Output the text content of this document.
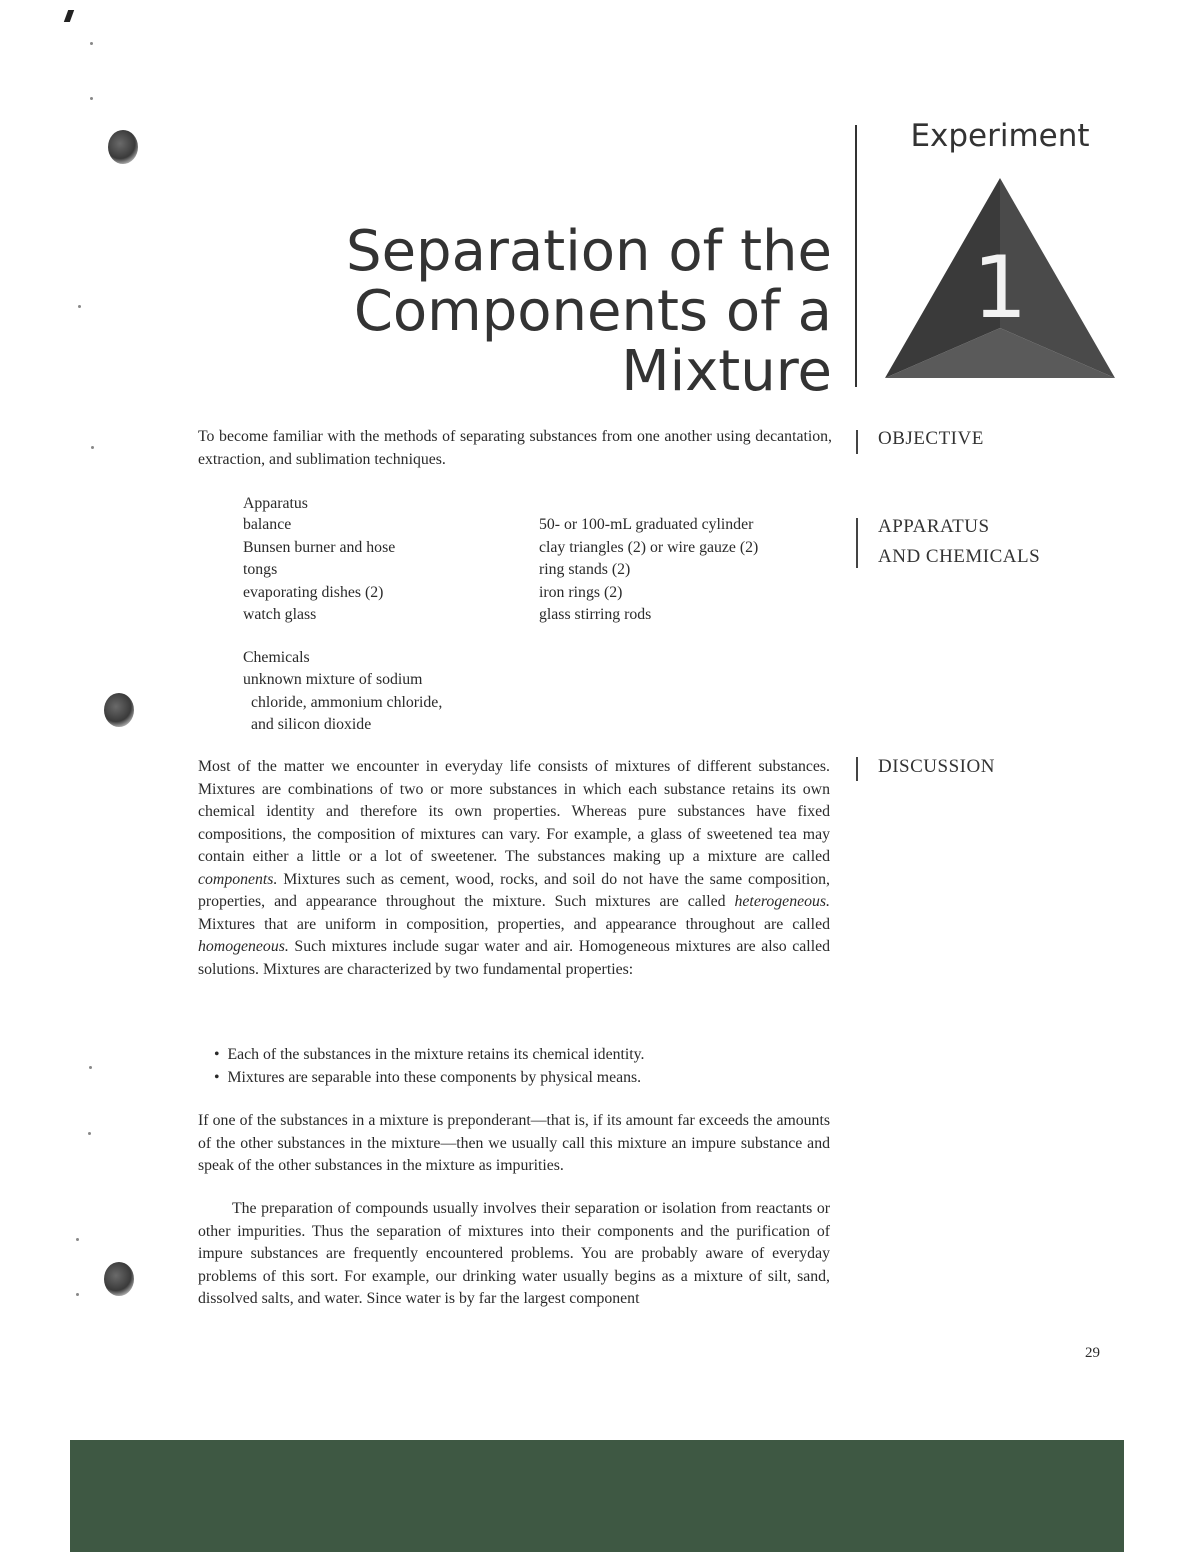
Separation of the
Components of a
Mixture
Experiment
1
OBJECTIVE
APPARATUS
AND CHEMICALS
DISCUSSION
To become familiar with the methods of separating substances from one another using decantation, extraction, and sublimation techniques.
Apparatus
balance
Bunsen burner and hose
tongs
evaporating dishes (2)
watch glass
50- or 100-mL graduated cylinder
clay triangles (2) or wire gauze (2)
ring stands (2)
iron rings (2)
glass stirring rods
Chemicals
unknown mixture of sodium
chloride, ammonium chloride,
and silicon dioxide
Most of the matter we encounter in everyday life consists of mixtures of different substances. Mixtures are combinations of two or more substances in which each substance retains its own chemical identity and therefore its own properties. Whereas pure substances have fixed compositions, the composition of mixtures can vary. For example, a glass of sweetened tea may contain either a little or a lot of sweetener. The substances making up a mixture are called components. Mixtures such as cement, wood, rocks, and soil do not have the same composition, properties, and appearance throughout the mixture. Such mixtures are called heterogeneous. Mixtures that are uniform in composition, properties, and appearance throughout are called homogeneous. Such mixtures include sugar water and air. Homogeneous mixtures are also called solutions. Mixtures are characterized by two fundamental properties:
•  Each of the substances in the mixture retains its chemical identity.
•  Mixtures are separable into these components by physical means.
If one of the substances in a mixture is preponderant—that is, if its amount far exceeds the amounts of the other substances in the mixture—then we usually call this mixture an impure substance and speak of the other substances in the mixture as impurities.
The preparation of compounds usually involves their separation or isolation from reactants or other impurities. Thus the separation of mixtures into their components and the purification of impure substances are frequently encountered problems. You are probably aware of everyday problems of this sort. For example, our drinking water usually begins as a mixture of silt, sand, dissolved salts, and water. Since water is by far the largest component
29
